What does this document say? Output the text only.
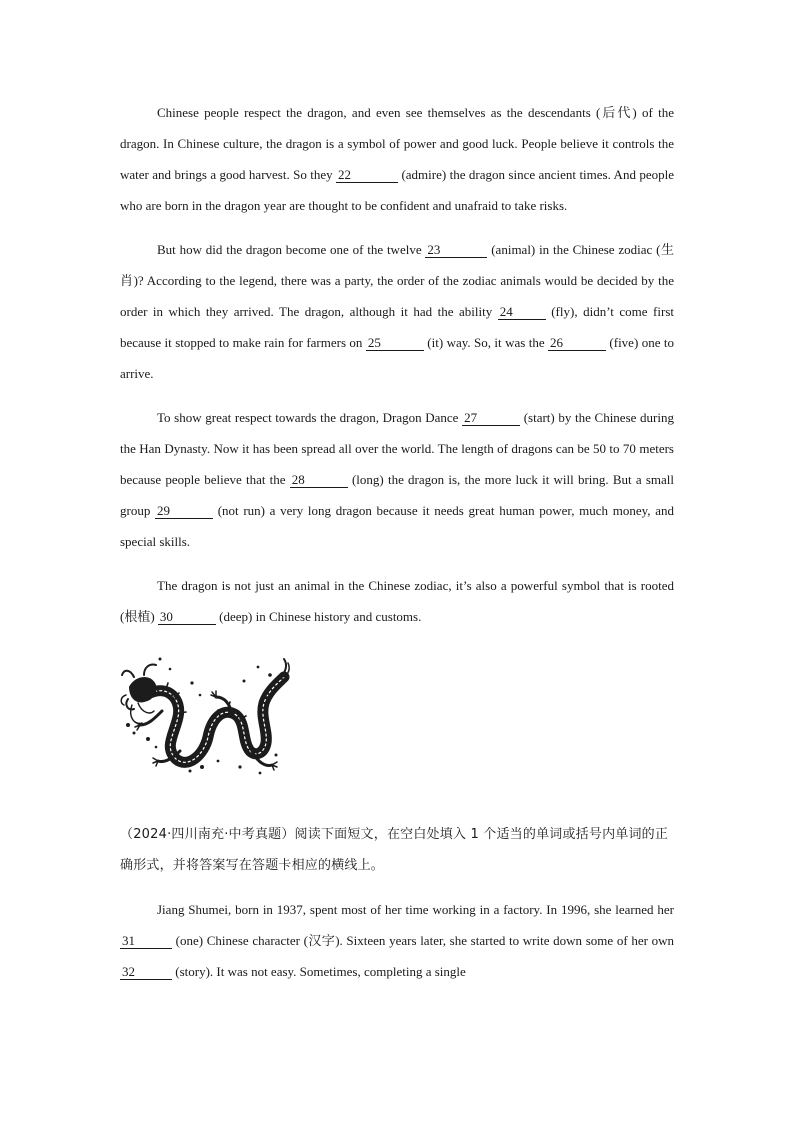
Chinese people respect the dragon, and even see themselves as the descendants (后代) of the dragon. In Chinese culture, the dragon is a symbol of power and good luck. People believe it controls the water and brings a good harvest. So they 22	(admire) the dragon since ancient times. And people who are born in the dragon year are thought to be confident and unafraid to take risks.

But how did the dragon become one of the twelve 23	(animal) in the Chinese zodiac (生肖)? According to the legend, there was a party, the order of the zodiac animals would be decided by the order in which they arrived. The dragon, although it had the ability 24	(fly), didn’t come first because it stopped to make rain for farmers on 25	(it) way. So, it was the 26	(five) one to arrive.

To show great respect towards the dragon, Dragon Dance 27	(start) by the Chinese during the Han Dynasty. Now it has been spread all over the world. The length of dragons can be 50 to 70 meters because people believe that the 28	(long) the dragon is, the more luck it will bring. But a small group 29	(not run) a very long dragon because it needs great human power, much money, and special skills.

The dragon is not just an animal in the Chinese zodiac, it’s also a powerful symbol that is rooted (根植) 30	(deep) in Chinese history and customs.

（2024·四川南充·中考真题）阅读下面短文，在空白处填入 1 个适当的单词或括号内单词的正确形式，并将答案写在答题卡相应的横线上。

Jiang Shumei, born in 1937, spent most of her time working in a factory. In 1996, she learned her 31	(one) Chinese character (汉字). Sixteen years later, she started to write down some of her own 32	(story). It was not easy. Sometimes, completing a single
